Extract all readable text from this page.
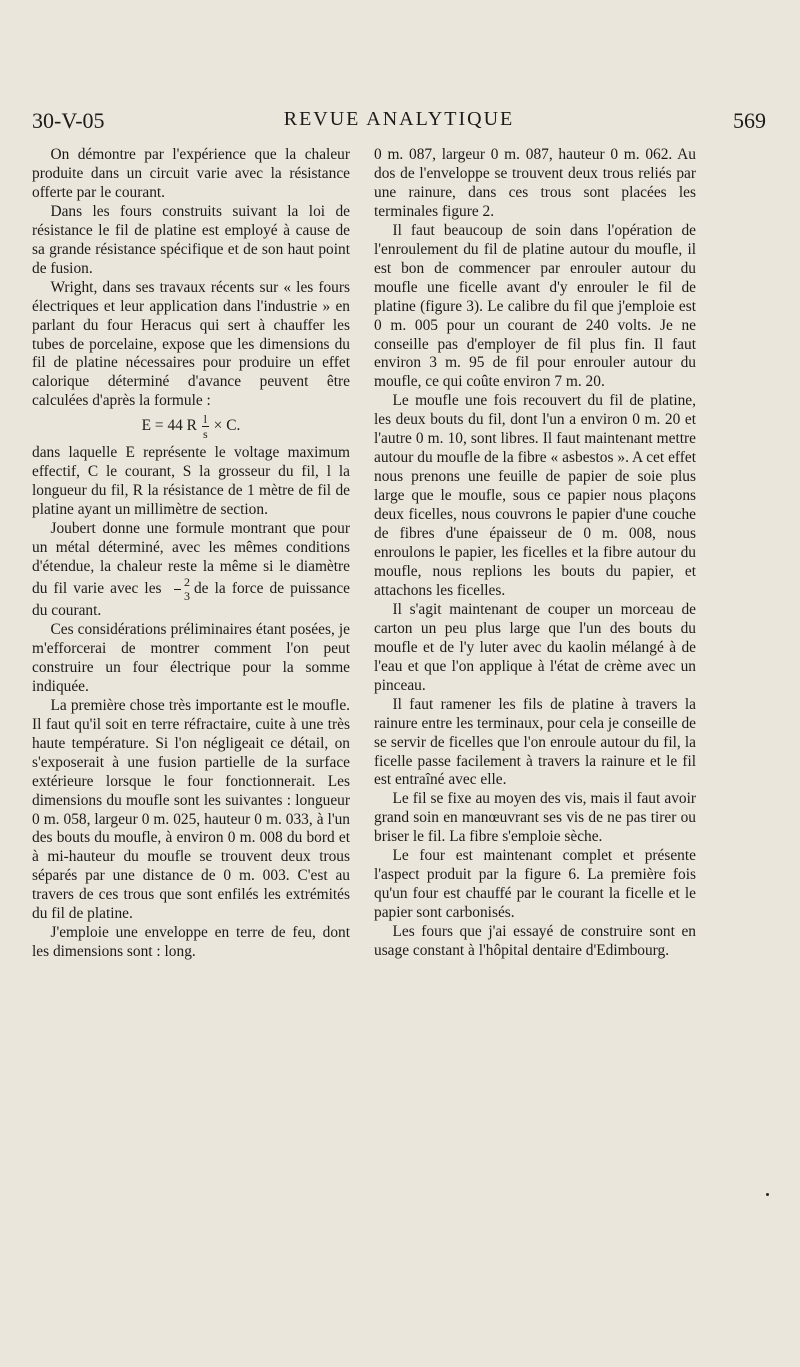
30-V-05	REVUE ANALYTIQUE	569

On démontre par l'expérience que la chaleur produite dans un circuit varie avec la résistance offerte par le courant.

Dans les fours construits suivant la loi de résistance le fil de platine est employé à cause de sa grande résistance spécifique et de son haut point de fusion.

Wright, dans ses travaux récents sur « les fours électriques et leur application dans l'industrie » en parlant du four Heracus qui sert à chauffer les tubes de porcelaine, expose que les dimensions du fil de platine nécessaires pour produire un effet calorique déterminé d'avance peuvent être calculées d'après la formule :

E = 44 R $\frac{l}{s} \times C$.

dans laquelle E représente le voltage maximum effectif, C le courant, S la grosseur du fil, l la longueur du fil, R la résistance de 1 mètre de fil de platine ayant un millimètre de section.

Joubert donne une formule montrant que pour un métal déterminé, avec les mêmes conditions d'étendue, la chaleur reste la même si le diamètre du fil varie avec les $\frac{2}{3}$ de la force de puissance du courant.

Ces considérations préliminaires étant posées, je m'efforcerai de montrer comment l'on peut construire un four électrique pour la somme indiquée.

La première chose très importante est le moufle. Il faut qu'il soit en terre réfractaire, cuite à une très haute température. Si l'on négligeait ce détail, on s'exposerait à une fusion partielle de la surface extérieure lorsque le four fonctionnerait. Les dimensions du moufle sont les suivantes : longueur 0 m. 058, largeur 0 m. 025, hauteur 0 m. 033, à l'un des bouts du moufle, à environ 0 m. 008 du bord et à mi-hauteur du moufle se trouvent deux trous séparés par une distance de 0 m. 003. C'est au travers de ces trous que sont enfilés les extrémités du fil de platine.

J'emploie une enveloppe en terre de feu, dont les dimensions sont : long.

0 m. 087, largeur 0 m. 087, hauteur 0 m. 062. Au dos de l'enveloppe se trouvent deux trous reliés par une rainure, dans ces trous sont placées les terminales figure 2.

Il faut beaucoup de soin dans l'opération de l'enroulement du fil de platine autour du moufle, il est bon de commencer par enrouler autour du moufle une ficelle avant d'y enrouler le fil de platine (figure 3). Le calibre du fil que j'emploie est 0 m. 005 pour un courant de 240 volts. Je ne conseille pas d'employer de fil plus fin. Il faut environ 3 m. 95 de fil pour enrouler autour du moufle, ce qui coûte environ 7 m. 20.

Le moufle une fois recouvert du fil de platine, les deux bouts du fil, dont l'un a environ 0 m. 20 et l'autre 0 m. 10, sont libres. Il faut maintenant mettre autour du moufle de la fibre « asbestos ». A cet effet nous prenons une feuille de papier de soie plus large que le moufle, sous ce papier nous plaçons deux ficelles, nous couvrons le papier d'une couche de fibres d'une épaisseur de 0 m. 008, nous enroulons le papier, les ficelles et la fibre autour du moufle, nous replions les bouts du papier, et attachons les ficelles.

Il s'agit maintenant de couper un morceau de carton un peu plus large que l'un des bouts du moufle et de l'y luter avec du kaolin mélangé à de l'eau et que l'on applique à l'état de crème avec un pinceau.

Il faut ramener les fils de platine à travers la rainure entre les terminaux, pour cela je conseille de se servir de ficelles que l'on enroule autour du fil, la ficelle passe facilement à travers la rainure et le fil est entraîné avec elle.

Le fil se fixe au moyen des vis, mais il faut avoir grand soin en manœuvrant ses vis de ne pas tirer ou briser le fil. La fibre s'emploie sèche.

Le four est maintenant complet et présente l'aspect produit par la figure 6. La première fois qu'un four est chauffé par le courant la ficelle et le papier sont carbonisés.

Les fours que j'ai essayé de construire sont en usage constant à l'hôpital dentaire d'Edimbourg.
